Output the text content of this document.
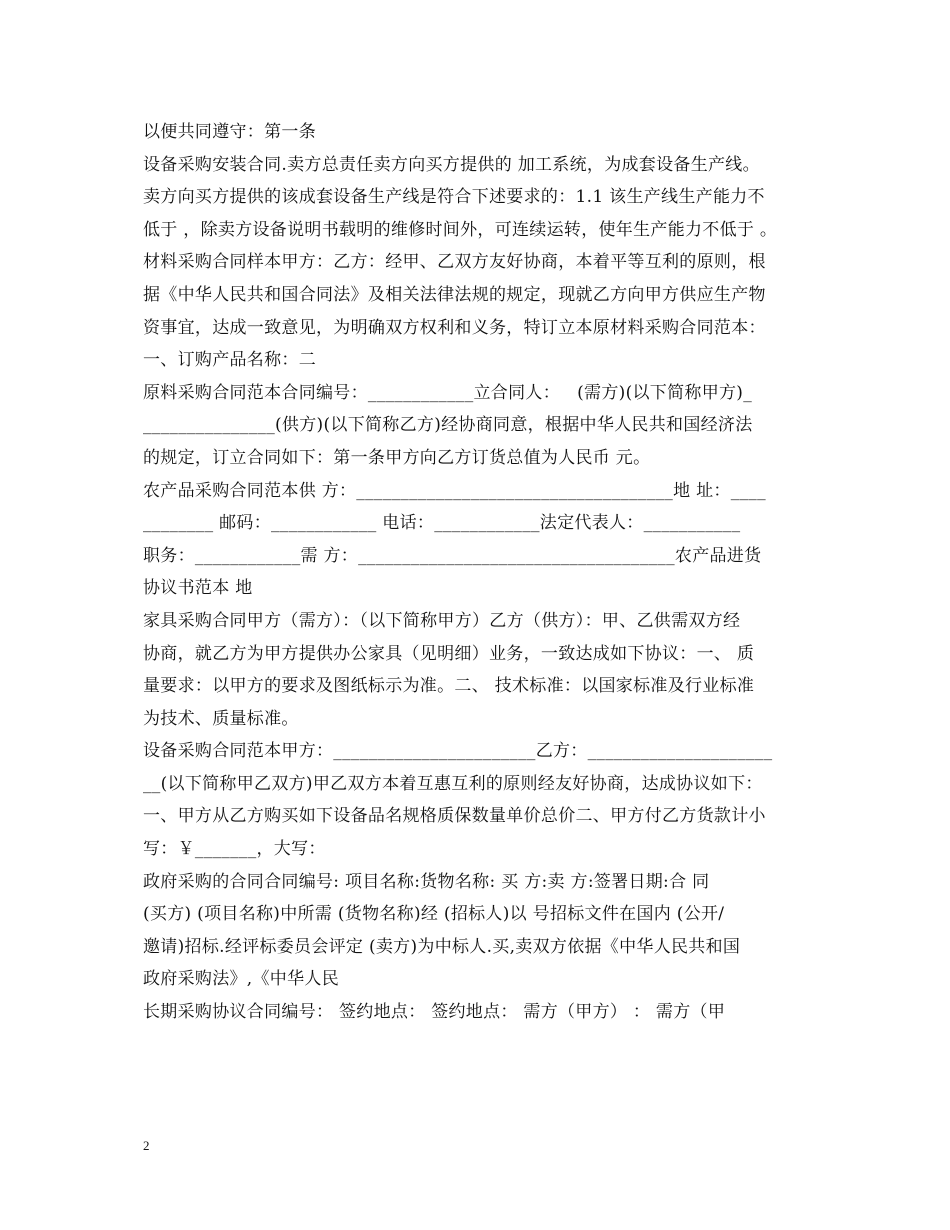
以便共同遵守：第一条
设备采购安装合同.卖方总责任卖方向买方提供的 加工系统，为成套设备生产线。
卖方向买方提供的该成套设备生产线是符合下述要求的：1.1 该生产线生产能力不
低于 ，除卖方设备说明书载明的维修时间外，可连续运转，使年生产能力不低于 。
材料采购合同样本甲方：乙方：经甲、乙双方友好协商，本着平等互利的原则，根
据《中华人民共和国合同法》及相关法律法规的规定，现就乙方向甲方供应生产物
资事宜，达成一致意见，为明确双方权利和义务，特订立本原材料采购合同范本：
一、订购产品名称：二
原料采购合同范本合同编号：____________立合同人：   (需方)(以下简称甲方)_
_______________(供方)(以下简称乙方)经协商同意，根据中华人民共和国经济法
的规定，订立合同如下：第一条甲方向乙方订货总值为人民币 元。
农产品采购合同范本供 方：____________________________________地 址：____
________ 邮码：____________ 电话：____________法定代表人：___________
职务：____________需 方：____________________________________农产品进货
协议书范本 地
家具采购合同甲方（需方）：（以下简称甲方）乙方（供方）：甲、乙供需双方经
协商，就乙方为甲方提供办公家具（见明细）业务，一致达成如下协议：一、 质
量要求：以甲方的要求及图纸标示为准。二、 技术标准：以国家标准及行业标准
为技术、质量标准。
设备采购合同范本甲方：_______________________乙方：_____________________
__(以下简称甲乙双方)甲乙双方本着互惠互利的原则经友好协商，达成协议如下：
一、甲方从乙方购买如下设备品名规格质保数量单价总价二、甲方付乙方货款计小
写：￥_______，大写：
政府采购的合同合同编号: 项目名称:货物名称: 买 方:卖 方:签署日期:合 同
(买方) (项目名称)中所需 (货物名称)经 (招标人)以 号招标文件在国内 (公开/
邀请)招标.经评标委员会评定 (卖方)为中标人.买,卖双方依据《中华人民共和国
政府采购法》,《中华人民
长期采购协议合同编号： 签约地点： 签约地点： 需方（甲方） ： 需方（甲
2
